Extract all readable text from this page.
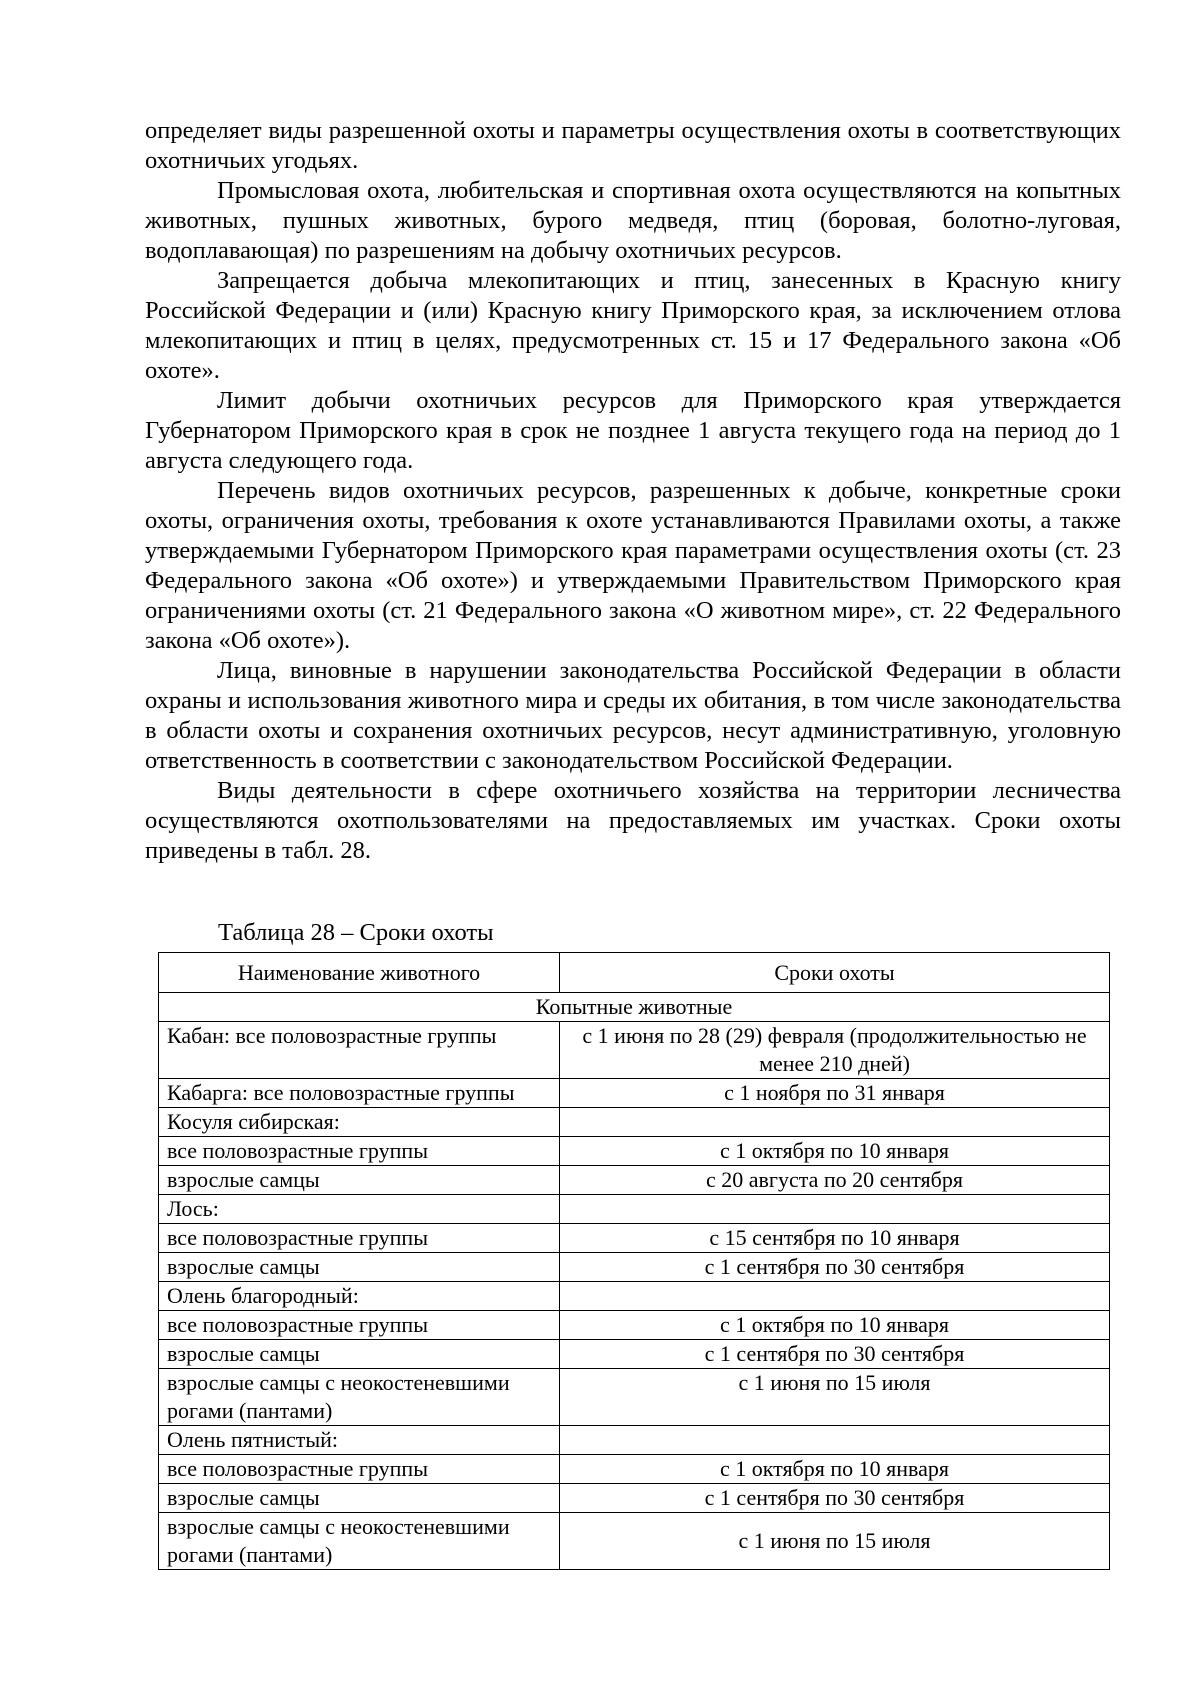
определяет виды разрешенной охоты и параметры осуществления охоты в соответствующих охотничьих угодьях.

Промысловая охота, любительская и спортивная охота осуществляются на копытных животных, пушных животных, бурого медведя, птиц (боровая, болотно-луговая, водоплавающая) по разрешениям на добычу охотничьих ресурсов.

Запрещается добыча млекопитающих и птиц, занесенных в Красную книгу Российской Федерации и (или) Красную книгу Приморского края, за исключением отлова млекопитающих и птиц в целях, предусмотренных ст. 15 и 17 Федерального закона «Об охоте».

Лимит добычи охотничьих ресурсов для Приморского края утверждается Губернатором Приморского края в срок не позднее 1 августа текущего года на период до 1 августа следующего года.

Перечень видов охотничьих ресурсов, разрешенных к добыче, конкретные сроки охоты, ограничения охоты, требования к охоте устанавливаются Правилами охоты, а также утверждаемыми Губернатором Приморского края параметрами осуществления охоты (ст. 23 Федерального закона «Об охоте») и утверждаемыми Правительством Приморского края ограничениями охоты (ст. 21 Федерального закона «О животном мире», ст. 22 Федерального закона «Об охоте»).

Лица, виновные в нарушении законодательства Российской Федерации в области охраны и использования животного мира и среды их обитания, в том числе законодательства в области охоты и сохранения охотничьих ресурсов, несут административную, уголовную ответственность в соответствии с законодательством Российской Федерации.

Виды деятельности в сфере охотничьего хозяйства на территории лесничества осуществляются охотпользователями на предоставляемых им участках. Сроки охоты приведены в табл. 28.

Таблица 28 – Сроки охоты
Наименование животного	Сроки охоты
Копытные животные	
Кабан: все половозрастные группы	с 1 июня по 28 (29) февраля (продолжительностью не менее 210 дней)
Кабарга: все половозрастные группы	с 1 ноября по 31 января
Косуля сибирская:	
все половозрастные группы	с 1 октября по 10 января
взрослые самцы	с 20 августа по 20 сентября
Лось:	
все половозрастные группы	с 15 сентября по 10 января
взрослые самцы	с 1 сентября по 30 сентября
Олень благородный:	
все половозрастные группы	с 1 октября по 10 января
взрослые самцы	с 1 сентября по 30 сентября
взрослые самцы с неокостеневшими рогами (пантами)	с 1 июня по 15 июля
Олень пятнистый:	
все половозрастные группы	с 1 октября по 10 января
взрослые самцы	с 1 сентября по 30 сентября
взрослые самцы с неокостеневшими рогами (пантами)	с 1 июня по 15 июля
